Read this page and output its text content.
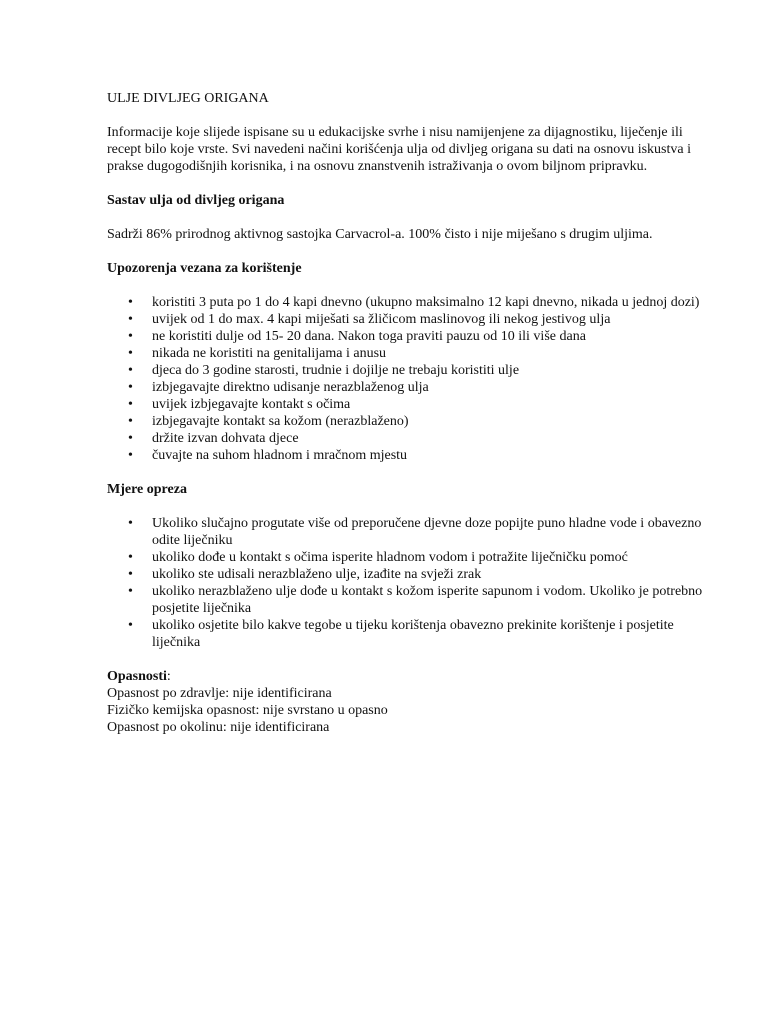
ULJE DIVLJEG ORIGANA
Informacije koje slijede ispisane su u edukacijske svrhe i nisu namijenjene za dijagnostiku, liječenje ili recept bilo koje vrste. Svi navedeni načini korišćenja ulja od divljeg origana su dati na osnovu iskustva i prakse dugogodišnjih korisnika, i na osnovu znanstvenih istraživanja o ovom biljnom pripravku.
Sastav ulja od divljeg origana
Sadrži 86% prirodnog aktivnog sastojka Carvacrol-a. 100% čisto i nije miješano s drugim uljima.
Upozorenja vezana za korištenje
• koristiti 3 puta po 1 do 4 kapi dnevno (ukupno maksimalno 12 kapi dnevno, nikada u jednoj dozi)
• uvijek od 1 do max. 4 kapi miješati sa žličicom maslinovog ili nekog jestivog ulja
• ne koristiti dulje od 15- 20 dana. Nakon toga praviti pauzu od 10 ili više dana
• nikada ne koristiti na genitalijama i anusu
• djeca do 3 godine starosti, trudnie i dojilje ne trebaju koristiti ulje
• izbjegavajte direktno udisanje nerazblaženog ulja
• uvijek izbjegavajte kontakt s očima
• izbjegavajte kontakt sa kožom (nerazblaženo)
• držite izvan dohvata djece
• čuvajte na suhom hladnom i mračnom mjestu
Mjere opreza
• Ukoliko slučajno progutate više od preporučene djevne doze popijte puno hladne vode i obavezno odite liječniku
• ukoliko dođe u kontakt s očima isperite hladnom vodom i potražite liječničku pomoć
• ukoliko ste udisali nerazblaženo ulje, izađite na svježi zrak
• ukoliko nerazblaženo ulje dođe u kontakt s kožom isperite sapunom i vodom. Ukoliko je potrebno posjetite liječnika
• ukoliko osjetite bilo kakve tegobe u tijeku korištenja obavezno prekinite korištenje i posjetite liječnika
Opasnosti:
Opasnost po zdravlje: nije identificirana
Fizičko kemijska opasnost: nije svrstano u opasno
Opasnost po okolinu: nije identificirana
